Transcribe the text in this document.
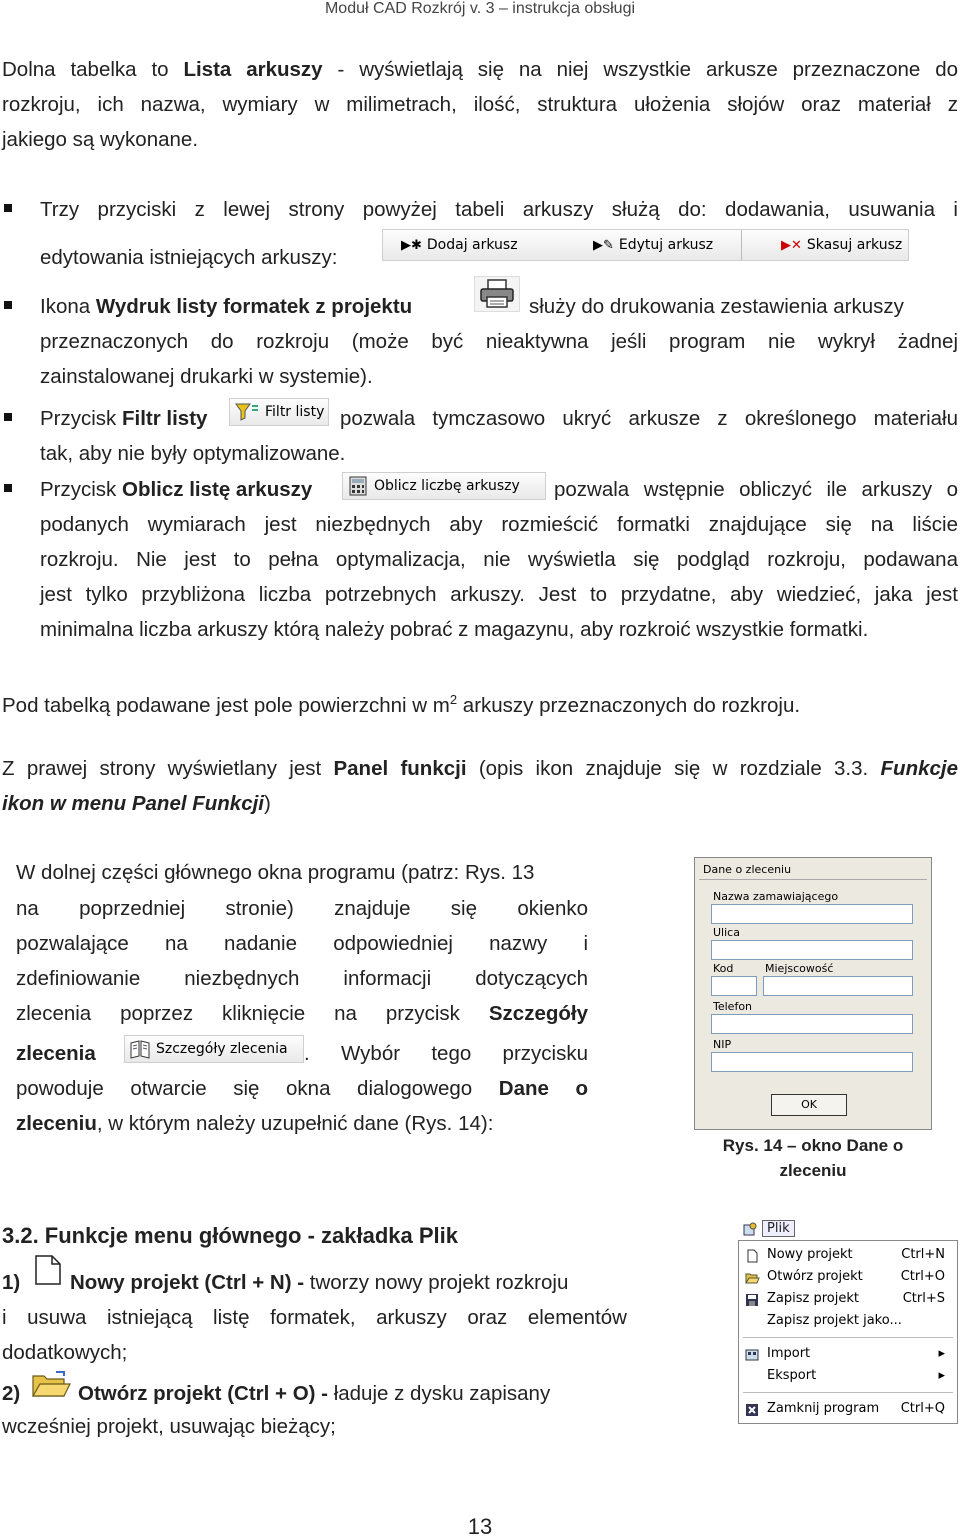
Moduł CAD Rozkrój v. 3 – instrukcja obsługi
Dolna tabelka to Lista arkuszy - wyświetlają się na niej wszystkie arkusze przeznaczone do
rozkroju, ich nazwa, wymiary w milimetrach, ilość, struktura ułożenia słojów oraz materiał z
jakiego są wykonane.
Trzy przyciski z lewej strony powyżej tabeli arkuszy służą do: dodawania, usuwania i
edytowania istniejących arkuszy:
▶✱ Dodaj arkusz	▶✎ Edytuj arkusz	▶✕ Skasuj arkusz
Ikona Wydruk listy formatek z projektu	służy do drukowania zestawienia arkuszy
przeznaczonych do rozkroju (może być nieaktywna jeśli program nie wykrył żadnej
zainstalowanej drukarki w systemie).
Przycisk Filtr listy	Filtr listy pozwala tymczasowo ukryć arkusze z określonego materiału
tak, aby nie były optymalizowane.
Przycisk Oblicz listę arkuszy	Oblicz liczbę arkuszy pozwala wstępnie obliczyć ile arkuszy o
podanych wymiarach jest niezbędnych aby rozmieścić formatki znajdujące się na liście
rozkroju. Nie jest to pełna optymalizacja, nie wyświetla się podgląd rozkroju, podawana
jest tylko przybliżona liczba potrzebnych arkuszy. Jest to przydatne, aby wiedzieć, jaka jest
minimalna liczba arkuszy którą należy pobrać z magazynu, aby rozkroić wszystkie formatki.
Pod tabelką podawane jest pole powierzchni w $m^2$ arkuszy przeznaczonych do rozkroju.
Z prawej strony wyświetlany jest Panel funkcji (opis ikon znajduje się w rozdziale 3.3. Funkcje
ikon w menu Panel Funkcji)
W dolnej części głównego okna programu (patrz: Rys. 13
na poprzedniej stronie) znajduje się okienko
pozwalające na nadanie odpowiedniej nazwy i
zdefiniowanie niezbędnych informacji dotyczących
zlecenia poprzez kliknięcie na przycisk Szczegóły
zlecenia	Szczegóły zlecenia . Wybór tego przycisku
powoduje otwarcie się okna dialogowego Dane o
zleceniu, w którym należy uzupełnić dane (Rys. 14):
Dane o zleceniu
Nazwa zamawiającego
Ulica
Kod	Miejscowość
Telefon
NIP
OK
Rys. 14 – okno Dane o
zleceniu
3.2. Funkcje menu głównego - zakładka Plik
1) Nowy projekt (Ctrl + N) - tworzy nowy projekt rozkroju
i usuwa istniejącą listę formatek, arkuszy oraz elementów
dodatkowych;
2)	Otwórz projekt (Ctrl + O) - ładuje z dysku zapisany
wcześniej projekt, usuwając bieżący;
Plik
Nowy projekt	Ctrl+N
Otwórz projekt	Ctrl+O
Zapisz projekt	Ctrl+S
Zapisz projekt jako...
Import	▸
Eksport	▸
Zamknij program Ctrl+Q
13
